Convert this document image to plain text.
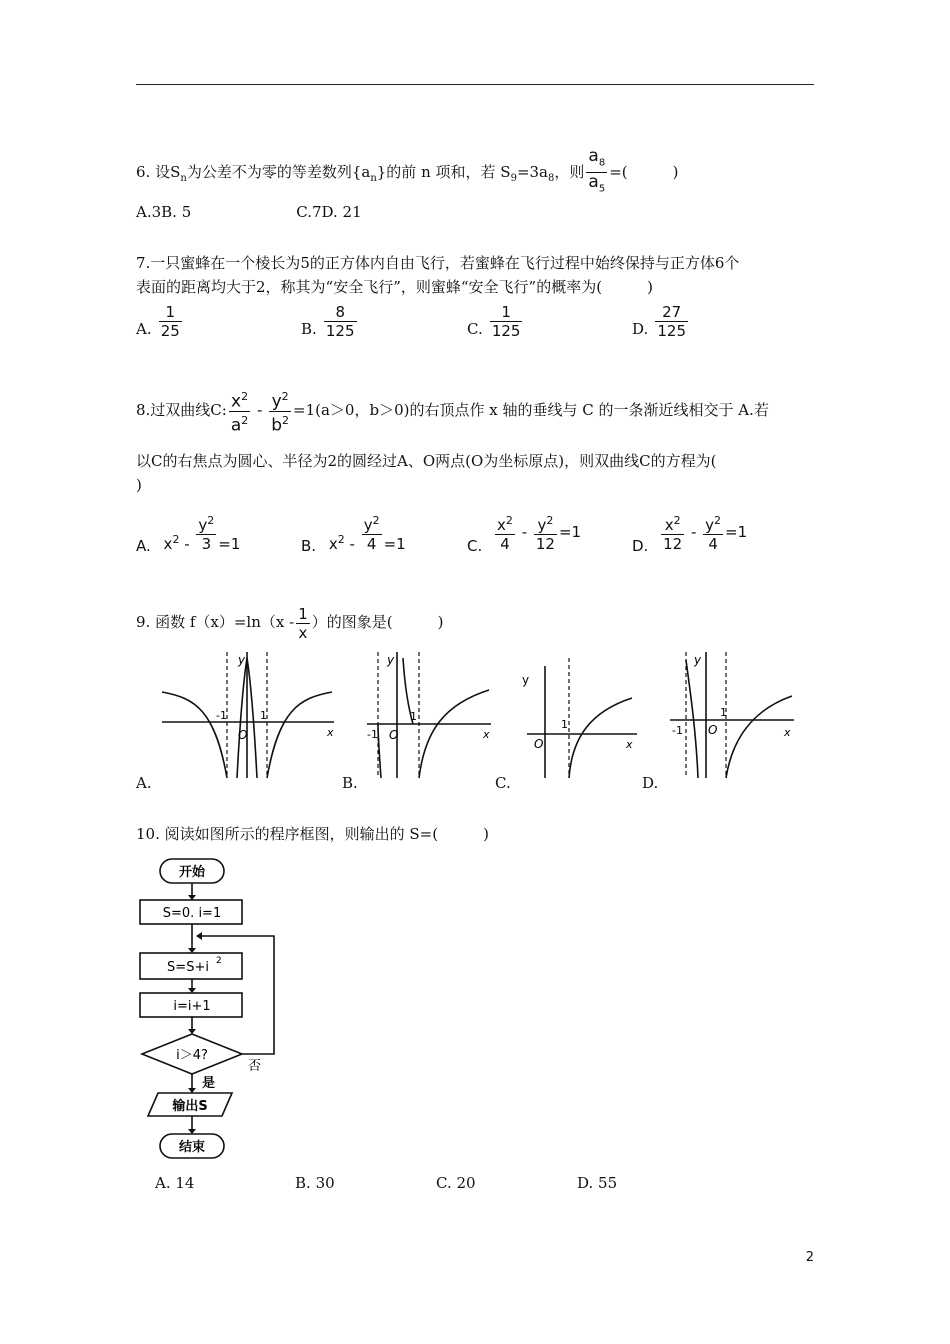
6. 设$S_n$为公差不为零的等差数列$\{a_n\}$的前 n 项和，若 $S_9=3a_8$，则 $\frac{a_8}{a_5}$ =(　　　)
A.3B. 5　　　　　　　C.7D. 21
7.一只蜜蜂在一个棱长为5的正方体内自由飞行，若蜜蜂在飞行过程中始终保持与正方体6个
表面的距离均大于2，称其为“安全飞行”，则蜜蜂“安全飞行”的概率为(　　　)
A. $\frac{1}{25}$	B. $\frac{8}{125}$	C. $\frac{1}{125}$	D. $\frac{27}{125}$
8.过双曲线C: $\frac{x^2}{a^2} - \frac{y^2}{b^2} =1(a>0$，b＞0)的右顶点作 x 轴的垂线与 C 的一条渐近线相交于 A.若
以C的右焦点为圆心、半径为2的圆经过A、O两点(O为坐标原点)，则双曲线C的方程为(
)
A. $x^2 - \frac{y^2}{3} =1$	B. $x^2 - \frac{y^2}{4} =1$	C. $\frac{x^2}{4} - \frac{y^2}{12} =1$
D. $\frac{x^2}{12} - \frac{y^2}{4} =1$
9. 函数 $f(x)=\ln(x - \frac{1}{x}$ ）的图象是(　　　)
-1	1
O
y
x
A.
-1
1
O
y
x
B.
y
1
O	x
C.
-1
1
O
y
x
D.
10. 阅读如图所示的程序框图，则输出的 S=(　　　)
开始
S=0. i=1
S=S+i 2
i=i+1
i＞4?
否
是
输出S
结束
A. 14	B. 30	C. 20	D. 55
2
